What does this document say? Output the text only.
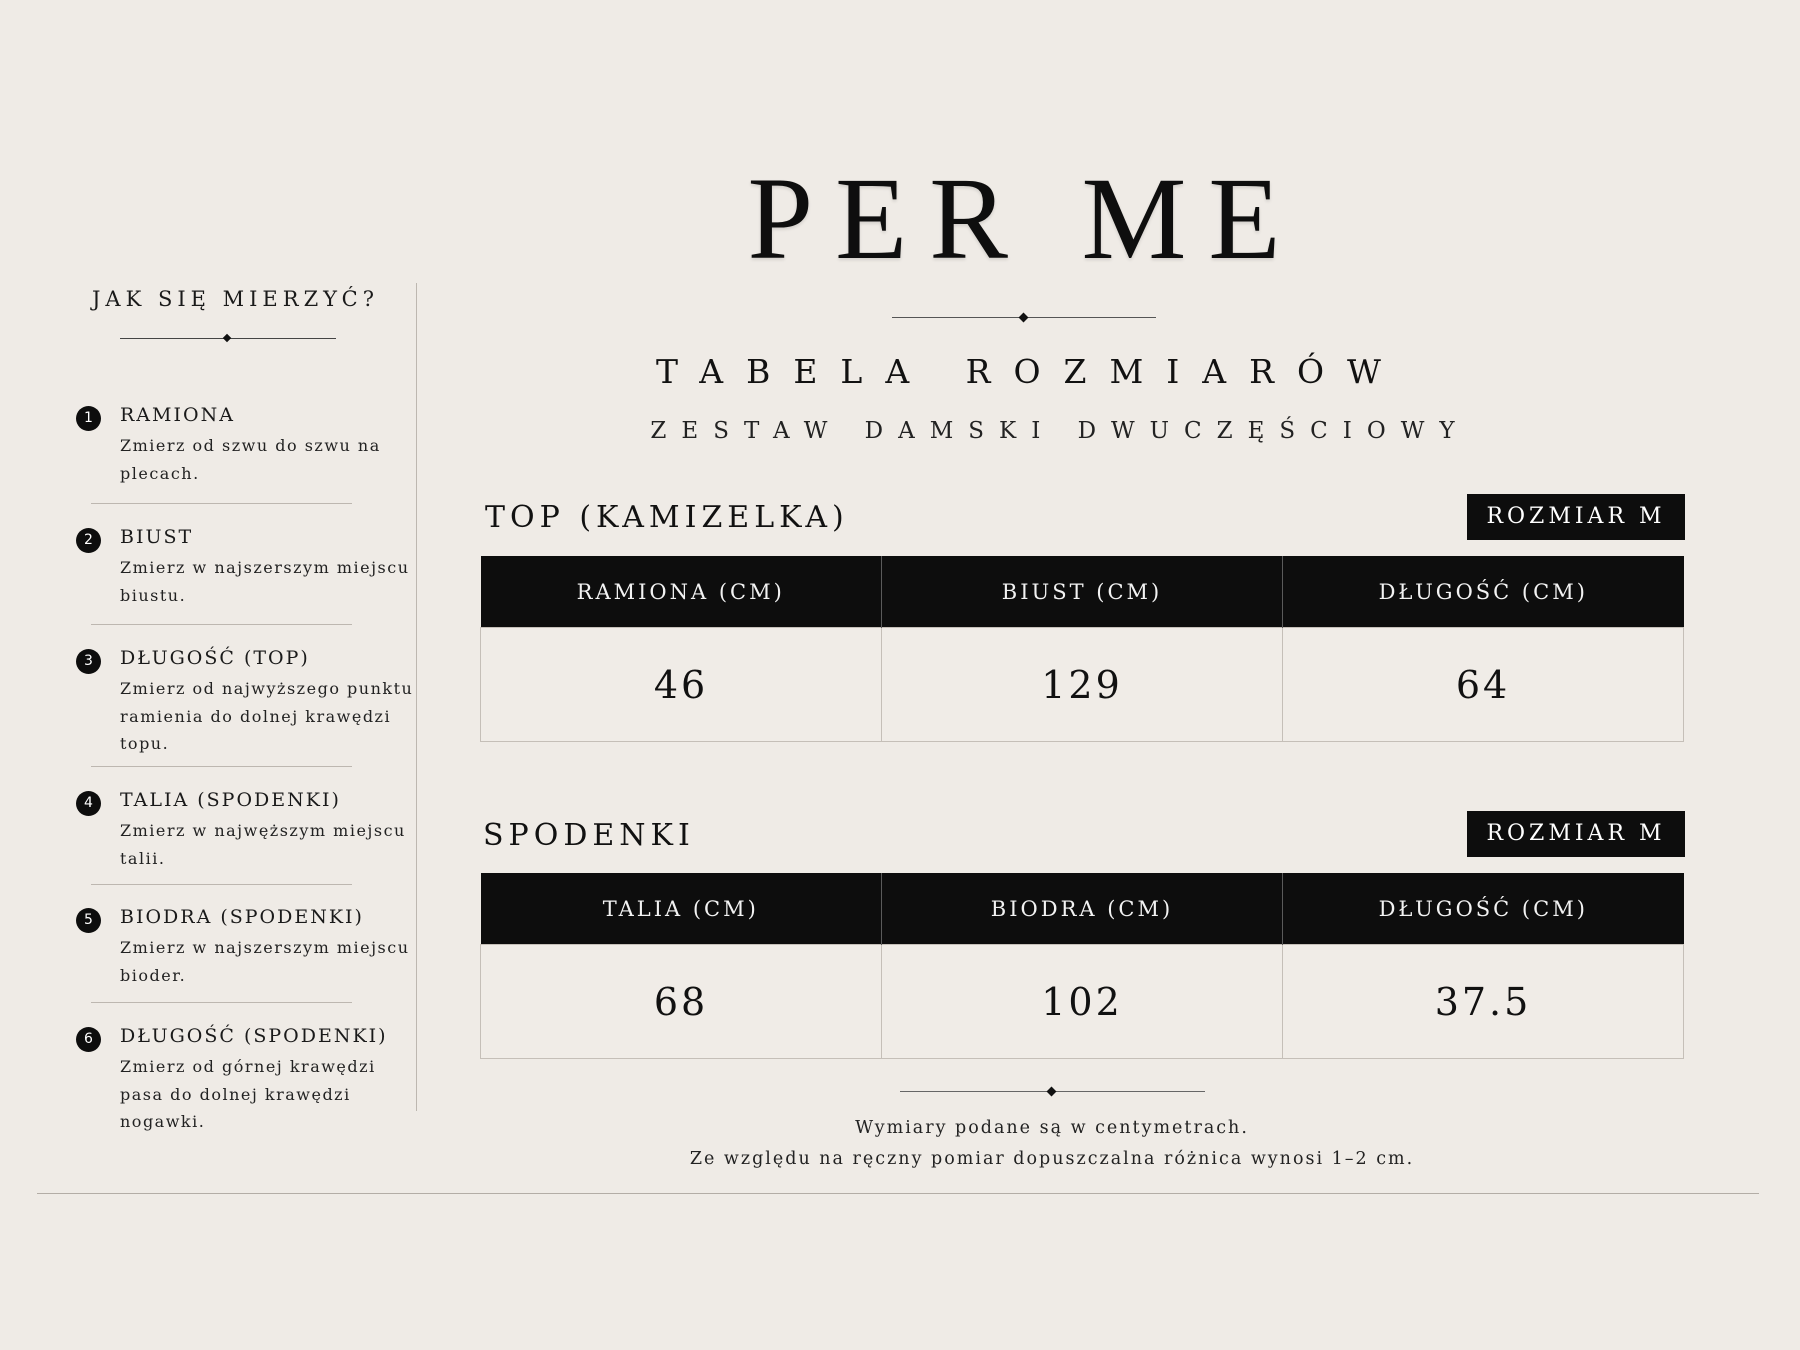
JAK SIĘ MIERZYĆ?
1	RAMIONA
Zmierz od szwu do szwu na plecach.
2	BIUST
Zmierz w najszerszym miejscu biustu.
3	DŁUGOŚĆ (TOP)
Zmierz od najwyższego punktu ramienia do dolnej krawędzi topu.
4	TALIA (SPODENKI)
Zmierz w najwęższym miejscu talii.
5	BIODRA (SPODENKI)
Zmierz w najszerszym miejscu bioder.
6	DŁUGOŚĆ (SPODENKI)
Zmierz od górnej krawędzi pasa do dolnej krawędzi nogawki.
PER ME
TABELA ROZMIARÓW
ZESTAW DAMSKI DWUCZĘŚCIOWY
TOP (KAMIZELKA)	ROZMIAR M
RAMIONA (CM)	BIUST (CM)	DŁUGOŚĆ (CM)
46	129	64
SPODENKI	ROZMIAR M
TALIA (CM)	BIODRA (CM)	DŁUGOŚĆ (CM)
68	102	37.5
Wymiary podane są w centymetrach.
Ze względu na ręczny pomiar dopuszczalna różnica wynosi 1–2 cm.
